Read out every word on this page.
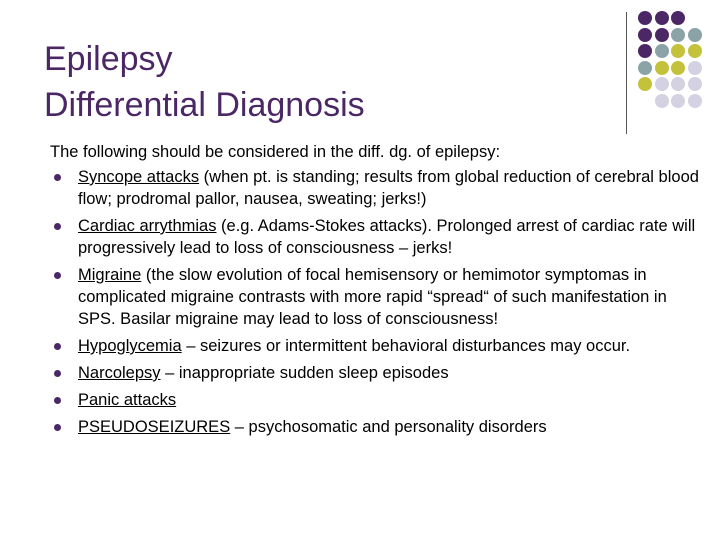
Epilepsy
Differential Diagnosis

The following should be considered in the diff. dg. of epilepsy:

Syncope attacks (when pt. is standing; results from global reduction of cerebral blood flow; prodromal pallor, nausea, sweating; jerks!)
Cardiac arrythmias (e.g. Adams-Stokes attacks). Prolonged arrest of cardiac rate will progressively lead to loss of consciousness – jerks!
Migraine (the slow evolution of focal hemisensory or hemimotor symptomas in complicated migraine contrasts with more rapid “spread“ of such manifestation in SPS. Basilar migraine may lead to loss of consciousness!
Hypoglycemia – seizures or intermittent behavioral disturbances may occur.
Narcolepsy – inappropriate sudden sleep episodes
Panic attacks
PSEUDOSEIZURES – psychosomatic and personality disorders
